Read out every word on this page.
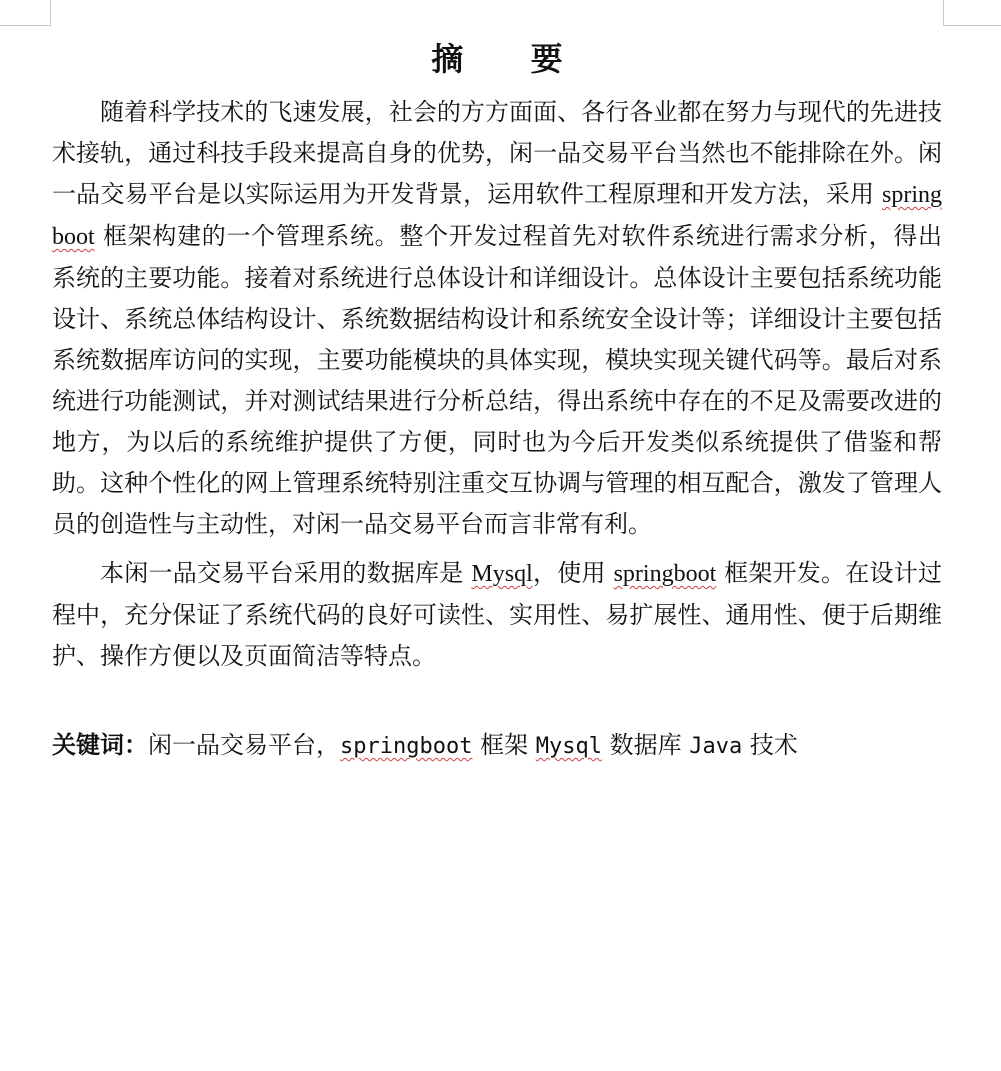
摘 要

随着科学技术的飞速发展，社会的方方面面、各行各业都在努力与现代的先进技术接轨，通过科技手段来提高自身的优势，闲一品交易平台当然也不能排除在外。闲一品交易平台是以实际运用为开发背景，运用软件工程原理和开发方法，采用 springboot 框架构建的一个管理系统。整个开发过程首先对软件系统进行需求分析，得出系统的主要功能。接着对系统进行总体设计和详细设计。总体设计主要包括系统功能设计、系统总体结构设计、系统数据结构设计和系统安全设计等；详细设计主要包括系统数据库访问的实现，主要功能模块的具体实现，模块实现关键代码等。最后对系统进行功能测试，并对测试结果进行分析总结，得出系统中存在的不足及需要改进的地方，为以后的系统维护提供了方便，同时也为今后开发类似系统提供了借鉴和帮助。这种个性化的网上管理系统特别注重交互协调与管理的相互配合，激发了管理人员的创造性与主动性，对闲一品交易平台而言非常有利。

本闲一品交易平台采用的数据库是 Mysql，使用 springboot 框架开发。在设计过程中，充分保证了系统代码的良好可读性、实用性、易扩展性、通用性、便于后期维护、操作方便以及页面简洁等特点。

关键词：闲一品交易平台，springboot 框架 Mysql 数据库 Java 技术
